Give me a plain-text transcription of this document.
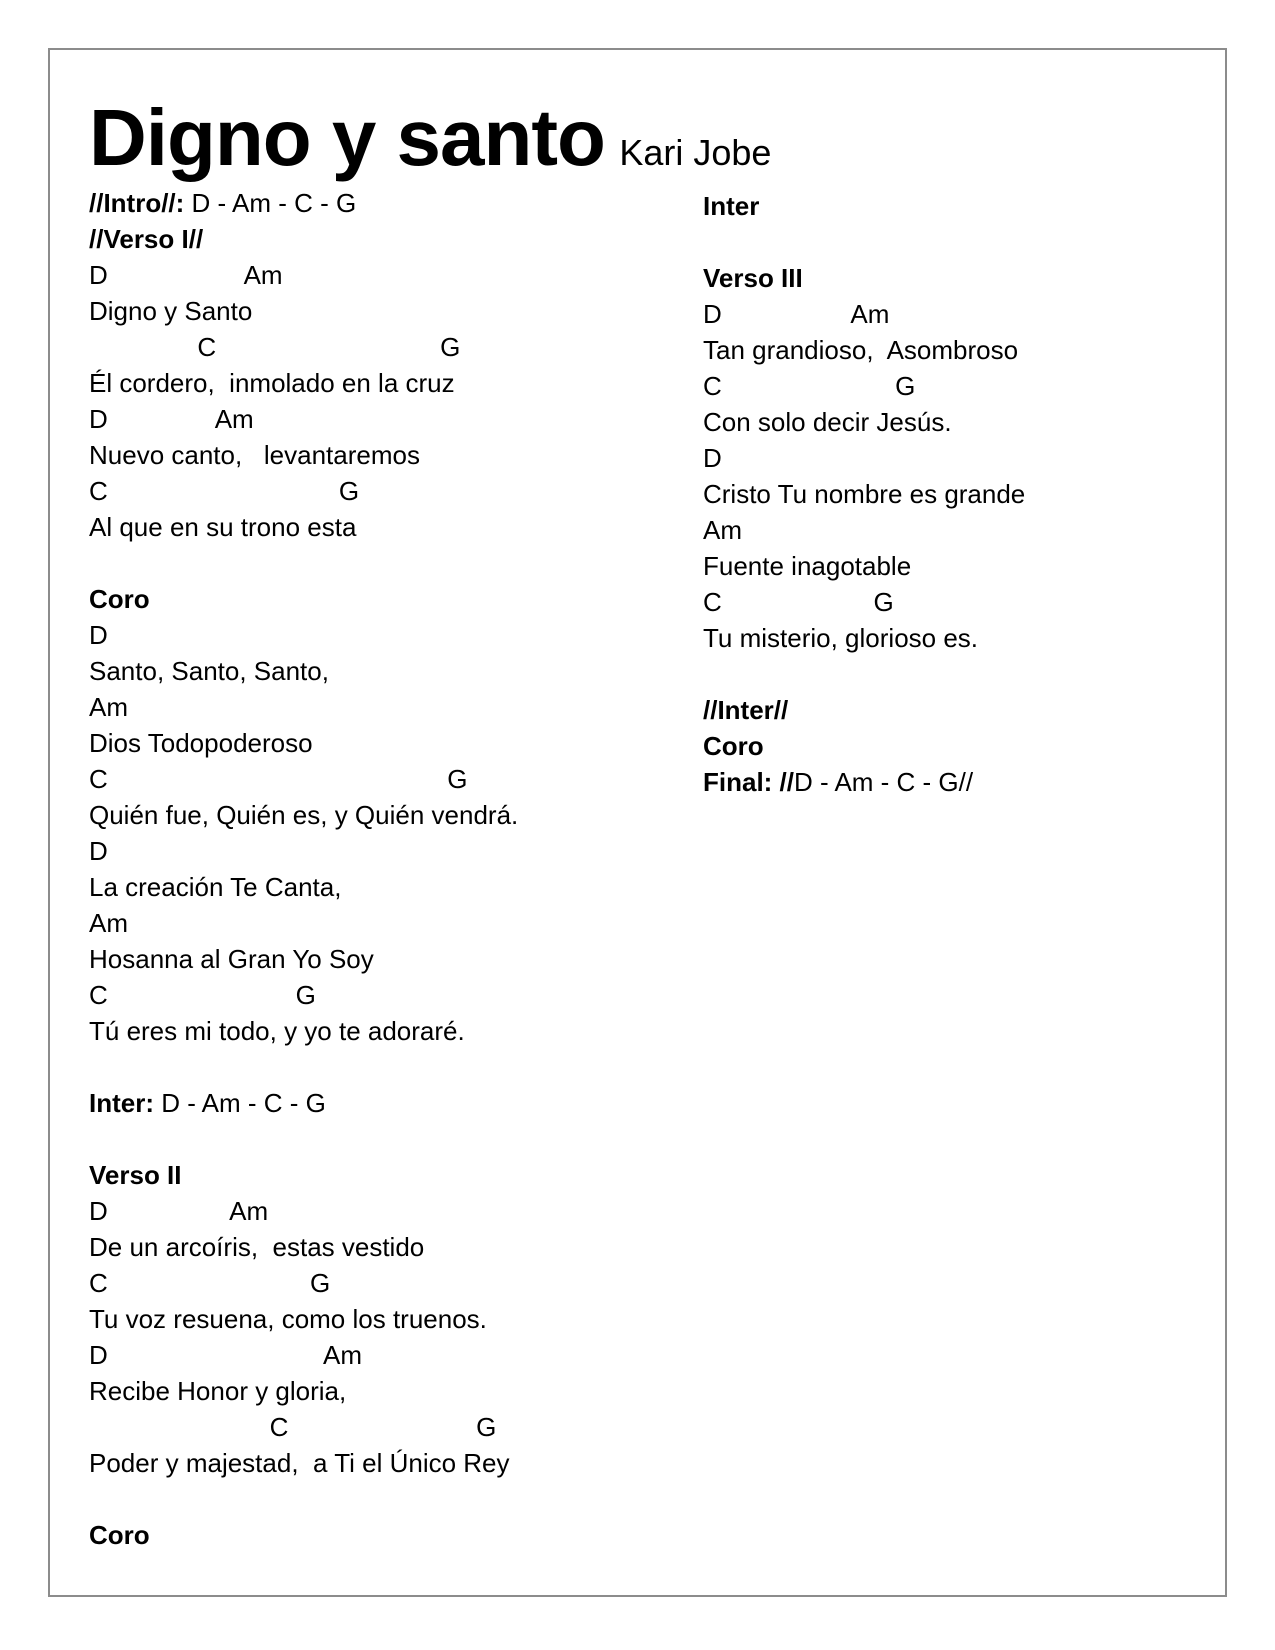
Digno y santo Kari Jobe
//Intro//: D - Am - C - G
//Verso I//
D                   Am
Digno y Santo
C                               G
Él cordero,  inmolado en la cruz
D               Am
Nuevo canto,   levantaremos
C                                G
Al que en su trono esta
Coro
D
Santo, Santo, Santo,
Am
Dios Todopoderoso
C                                               G
Quién fue, Quién es, y Quién vendrá.
D
La creación Te Canta,
Am
Hosanna al Gran Yo Soy
C                          G
Tú eres mi todo, y yo te adoraré.
Inter: D - Am - C - G
Verso II
D                 Am
De un arcoíris,  estas vestido
C                            G
Tu voz resuena, como los truenos.
D                              Am
Recibe Honor y gloria,
C                          G
Poder y majestad,  a Ti el Único Rey
Coro
Inter
Verso III
D                  Am
Tan grandioso,  Asombroso
C                        G
Con solo decir Jesús.
D
Cristo Tu nombre es grande
Am
Fuente inagotable
C                     G
Tu misterio, glorioso es.
//Inter//
Coro
Final: //D - Am - C - G//
